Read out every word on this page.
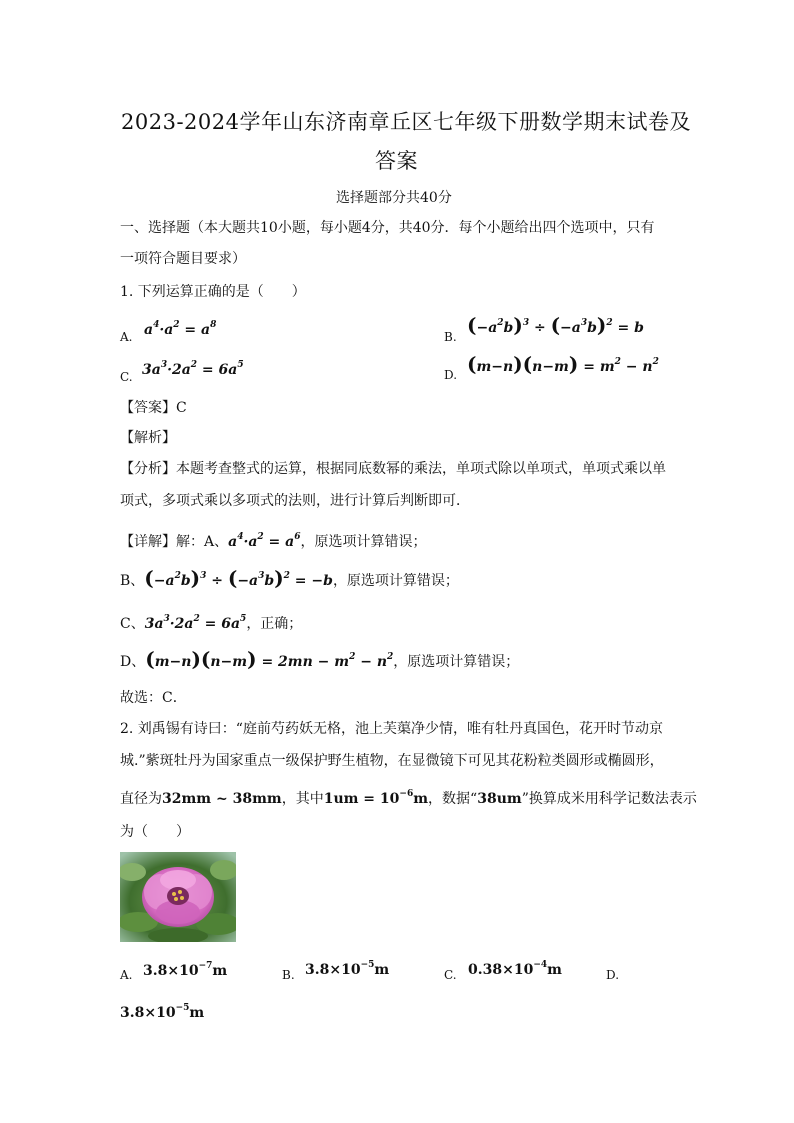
2023-2024学年山东济南章丘区七年级下册数学期末试卷及
答案
选择题部分共40分
一、选择题（本大题共10小题，每小题4分，共40分．每个小题给出四个选项中，只有
一项符合题目要求）
1. 下列运算正确的是（　　）
A. $a^4\cdot a^2 = a^8$
B. $(-a^2b)^3 \div (-a^3b)^2 = b$
C. $3a^3\cdot 2a^2 = 6a^5$
D. $(m-n)(n-m) = m^2 - n^2$
【答案】C
【解析】
【分析】本题考查整式的运算，根据同底数幂的乘法，单项式除以单项式，单项式乘以单
项式，多项式乘以多项式的法则，进行计算后判断即可．
【详解】解：A、$a^4\cdot a^2 = a^6$，原选项计算错误；
B、$(-a^2b)^3 \div (-a^3b)^2 = -b$，原选项计算错误；
C、$3a^3\cdot 2a^2 = 6a^5$，正确；
D、$(m-n)(n-m) = 2mn - m^2 - n^2$，原选项计算错误；
故选：C．
2. 刘禹锡有诗曰：“庭前芍药妖无格，池上芙蕖净少情，唯有牡丹真国色，花开时节动京
城.”紫斑牡丹为国家重点一级保护野生植物，在显微镜下可见其花粉粒类圆形或椭圆形，
直径为32mm ~ 38mm，其中$1um = 10^{-6}m$，数据“38um”换算成米用科学记数法表示
为（　　）
A. $3.8\times 10^{-7}m$	B. $3.8\times 10^{-5}m$	C. $0.38\times 10^{-4}m$	D.
$3.8\times 10^{-5}m$
